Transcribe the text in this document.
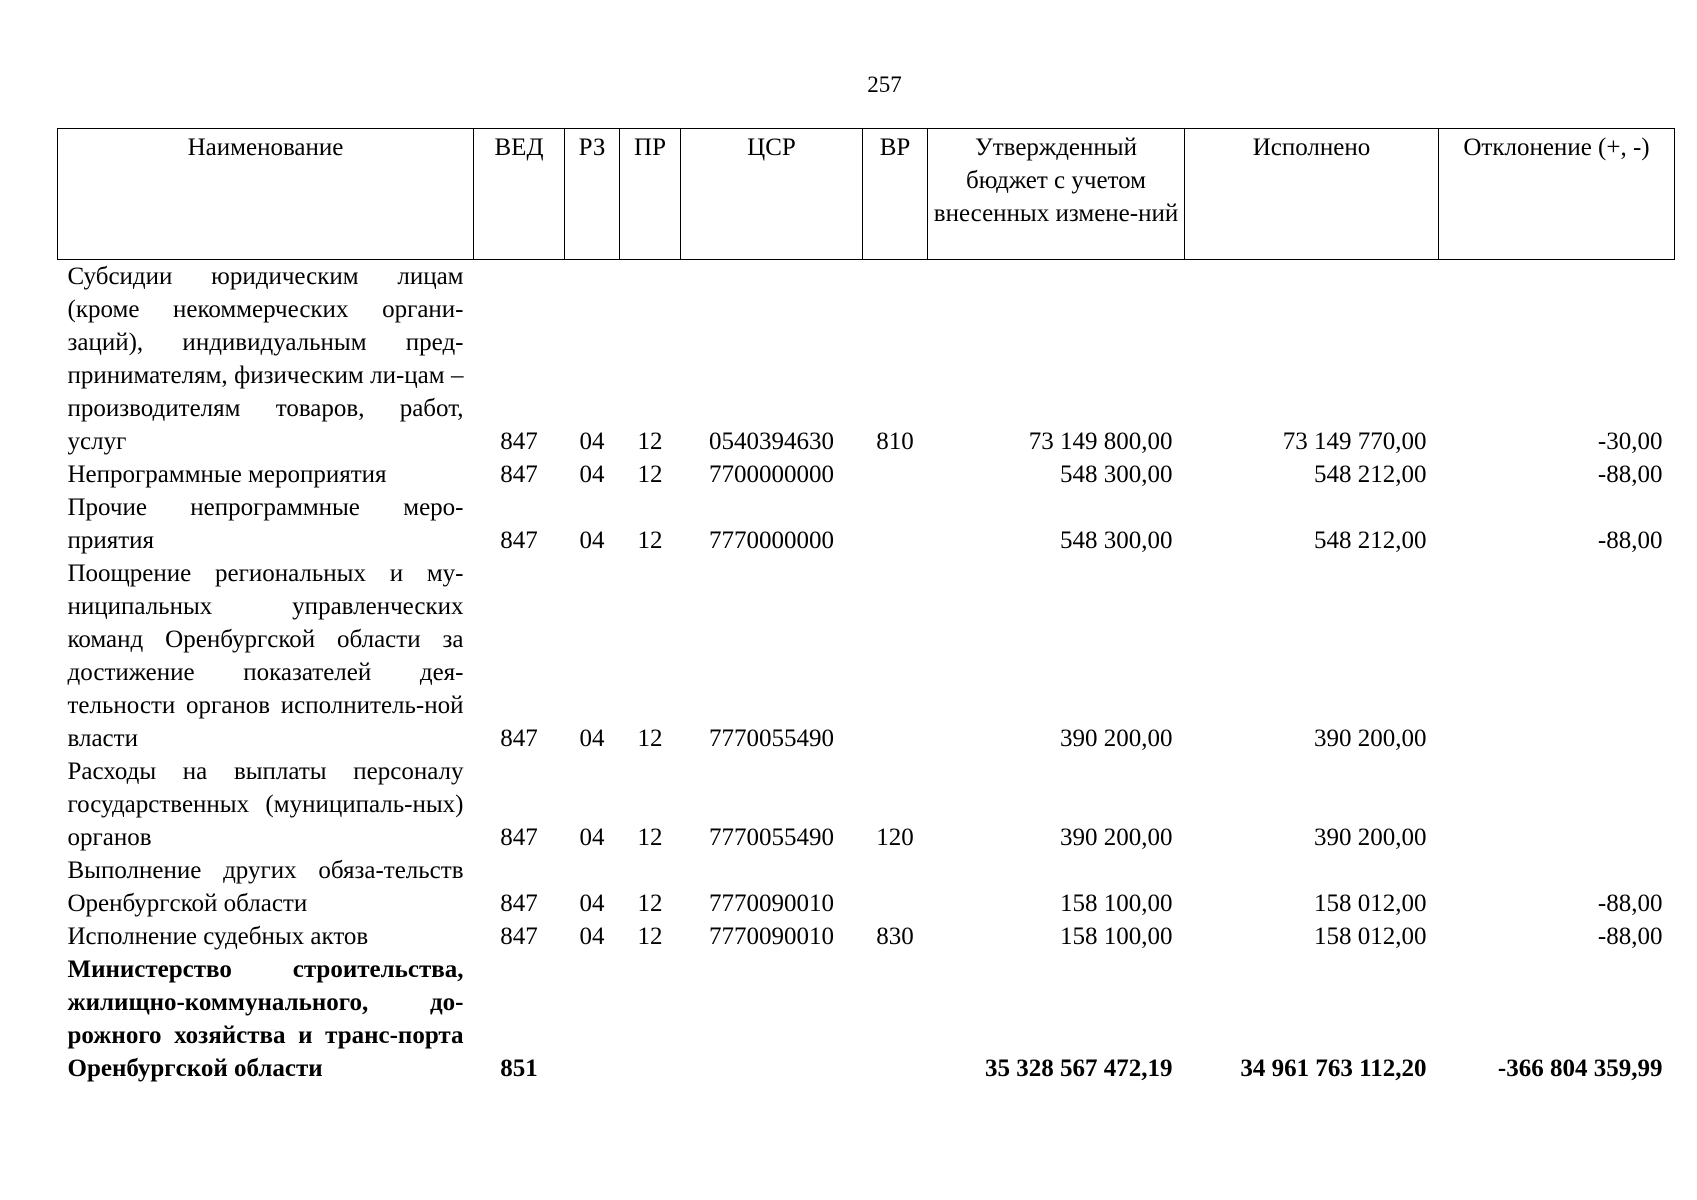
257
Наименование	ВЕД	РЗ	ПР	ЦСР	ВР	Утвержденный бюджет с учетом внесенных измене-ний	Исполнено	Отклонение (+, -)
Субсидии юридическим лицам (кроме некоммерческих органи-заций), индивидуальным пред-принимателям, физическим ли-цам – производителям товаров, работ, услуг	847	04	12	0540394630	810	73 149 800,00	73 149 770,00	-30,00
Непрограммные мероприятия	847	04	12	7700000000		548 300,00	548 212,00	-88,00
Прочие непрограммные меро-приятия	847	04	12	7770000000		548 300,00	548 212,00	-88,00
Поощрение региональных и му-ниципальных управленческих команд Оренбургской области за достижение показателей дея-тельности органов исполнитель-ной власти	847	04	12	7770055490		390 200,00	390 200,00	
Расходы на выплаты персоналу государственных (муниципаль-ных) органов	847	04	12	7770055490	120	390 200,00	390 200,00	
Выполнение других обяза-тельств Оренбургской области	847	04	12	7770090010		158 100,00	158 012,00	-88,00
Исполнение судебных актов	847	04	12	7770090010	830	158 100,00	158 012,00	-88,00
Министерство строительства, жилищно-коммунального, до-рожного хозяйства и транс-порта Оренбургской области	851					35 328 567 472,19	34 961 763 112,20	-366 804 359,99
